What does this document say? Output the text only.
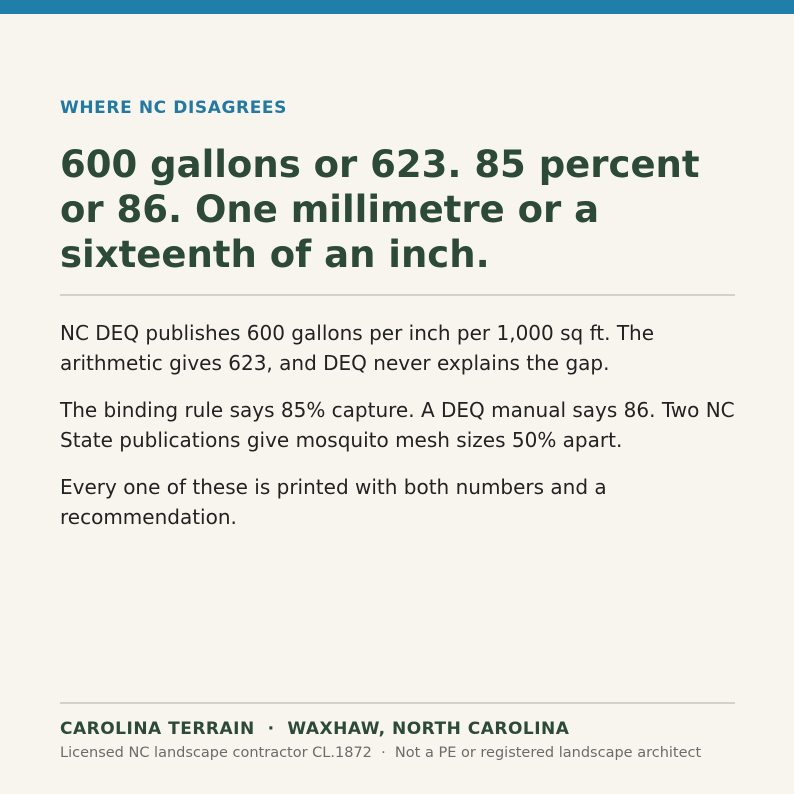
WHERE NC DISAGREES
600 gallons or 623. 85 percent or 86. One millimetre or a sixteenth of an inch.

NC DEQ publishes 600 gallons per inch per 1,000 sq ft. The arithmetic gives 623, and DEQ never explains the gap.

The binding rule says 85% capture. A DEQ manual says 86. Two NC State publications give mosquito mesh sizes 50% apart.

Every one of these is printed with both numbers and a recommendation.

CAROLINA TERRAIN  ·  WAXHAW, NORTH CAROLINA
Licensed NC landscape contractor CL.1872  ·  Not a PE or registered landscape architect
